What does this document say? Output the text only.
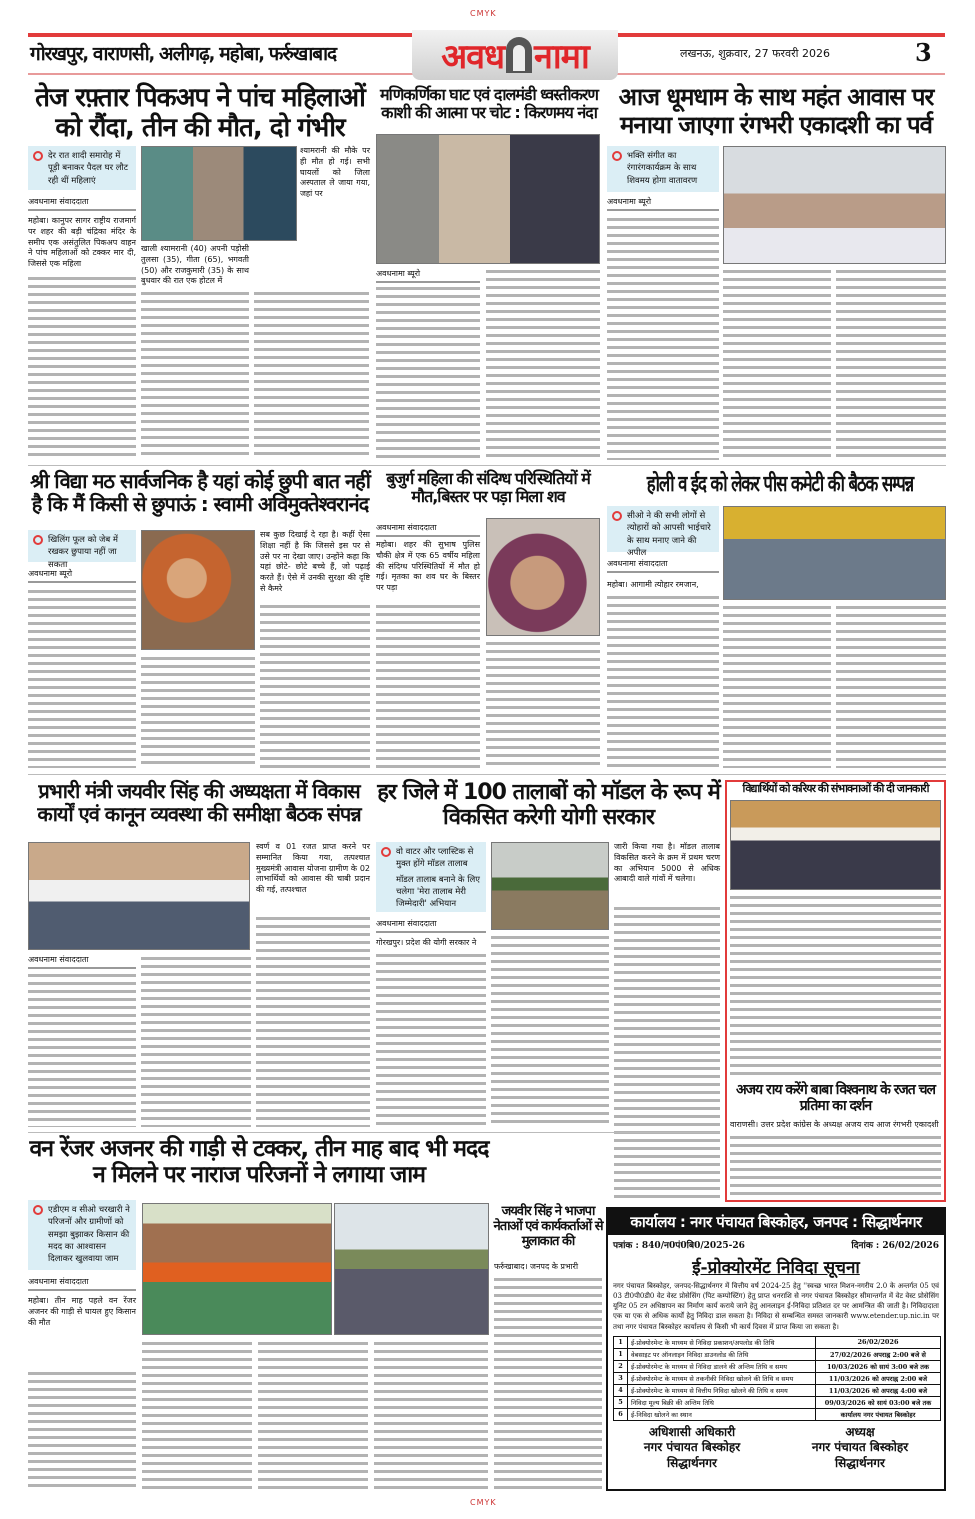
CMYK
CMYK
गोरखपुर, वाराणसी, अलीगढ़, महोबा, फर्रुखाबाद	अवध नामा	लखनऊ, शुक्रवार, 27 फरवरी 2026	3
तेज रफ़्तार पिकअप ने पांच महिलाओं को रौंदा, तीन की मौत, दो गंभीर

देर रात शादी समारोह में पूड़ी बनाकर पैदल घर लौट रही थीं महिलाएं

अवधनामा संवाददाता
महोबा। कानुपर सागर राष्ट्रीय राजमार्ग पर शहर की बड़ी चंद्रिका मंदिर के समीप एक असंतुलित पिकअप वाहन ने पांच महिलाओं को टक्कर मार दी, जिससे एक महिला
खाली श्यामरानी (40) अपनी पड़ोसी तुलसा (35), गीता (65), भगवती (50) और राजकुमारी (35) के साथ बुधवार की रात एक होटल में
श्यामरानी की मौके पर ही मौत हो गई। सभी घायलों को जिला अस्पताल ले जाया गया, जहां पर
मणिकर्णिका घाट एवं दालमंडी ध्वस्तीकरण काशी की आत्मा पर चोट : किरणमय नंदा
अवधनामा ब्यूरो
आज धूमधाम के साथ महंत आवास पर मनाया जाएगा रंगभरी एकादशी का पर्व

भक्ति संगीत का रंगारंगकार्यक्रम के साथ शिवमय होगा वातावरण

अवधनामा ब्यूरो
श्री विद्या मठ सार्वजनिक है यहां कोई छुपी बात नहीं है कि मैं किसी से छुपाऊं : स्वामी अविमुक्तेश्वरानंद

खिलिंग फूल को जेब में रखकर छुपाया नहीं जा सकता

अवधनामा ब्यूरो
सब कुछ दिखाई दे रहा है। कहीं ऐसा शिक्षा नहीं है कि जिससे इस पर से उसे पर ना देखा जाए। उन्होंने कहा कि यहां छोटे- छोटे बच्चे हैं, जो पढ़ाई करते हैं। ऐसे में उनकी सुरक्षा की दृष्टि से कैमरे
बुजुर्ग महिला की संदिग्ध परिस्थितियों में मौत,बिस्तर पर पड़ा मिला शव
अवधनामा संवाददाता
महोबा। शहर की सुभाष पुलिस चौकी क्षेत्र में एक 65 वर्षीय महिला की संदिग्ध परिस्थितियों में मौत हो गई। मृतका का शव घर के बिस्तर पर पड़ा
होली व ईद को लेकर पीस कमेटी की बैठक सम्पन्न

सीओ ने की सभी लोगों से त्योहारों को आपसी भाईचारे के साथ मनाए जाने की अपील

अवधनामा संवाददाता
महोबा। आगामी त्योहार रमजान,
प्रभारी मंत्री जयवीर सिंह की अध्यक्षता में विकास कार्यों एवं कानून व्यवस्था की समीक्षा बैठक संपन्न
अवधनामा संवाददाता
स्वर्ण व 01 रजत प्राप्त करने पर सम्मानित किया गया, तत्पश्चात मुख्यमंत्री आवास योजना ग्रामीण के 02 लाभार्थियों को आवास की चाबी प्रदान की गई, तत्पश्चात
हर जिले में 100 तालाबों को मॉडल के रूप में विकसित करेगी योगी सरकार

वो वाटर और प्लास्टिक से मुक्त होंगे मॉडल तालाब

मॉडल तालाब बनाने के लिए चलेगा 'मेरा तालाब मेरी जिम्मेदारी' अभियान

अवधनामा संवाददाता
गोरखपुर। प्रदेश की योगी सरकार ने
जारी किया गया है। मॉडल तालाब विकसित करने के क्रम में प्रथम चरण का अभियान 5000 से अधिक आबादी वाले गांवों में चलेगा।
विद्यार्थियों को करियर की संभावनाओं की दी जानकारी
अजय राय करेंगे बाबा विश्वनाथ के रजत चल प्रतिमा का दर्शन
वाराणसी। उत्तर प्रदेश कांग्रेस के अध्यक्ष अजय राय आज रंगभरी एकादशी
वन रेंजर अजनर की गाड़ी से टक्कर, तीन माह बाद भी मदद न मिलने पर नाराज परिजनों ने लगाया जाम

एडीएम व सीओ चरखारी ने परिजनों और ग्रामीणों को समझा बुझाकर किसान की मदद का आश्वासन दिलाकर खुलवाया जाम

अवधनामा संवाददाता
महोबा। तीन माह पहले वन रेंजर अजनर की गाड़ी से घायल हुए किसान की मौत
जयवीर सिंह ने भाजपा नेताओं एवं कार्यकर्ताओं से मुलाकात की
फर्रुखाबाद। जनपद के प्रभारी
कार्यालय : नगर पंचायत बिस्कोहर, जनपद : सिद्धार्थनगर
पत्रांक : 840/न0पं0बि0/2025-26	दिनांक : 26/02/2026
ई-प्रोक्योरमेंट निविदा सूचना
नगर पंचायत बिस्कोहर, जनपद-सिद्धार्थनगर में वित्तीय वर्ष 2024-25 हेतु ''स्वच्छ भारत मिशन-नगरीय 2.0 के अन्तर्गत 05 एवं 03 टी0पी0डी0 वेट वेस्ट प्रोसेसिंग (पिट कम्पोस्टिंग) हेतु प्राप्त धनराशि से नगर पंचायत बिस्कोहर सीमान्तर्गत में वेट वेस्ट प्रोसेसिंग यूनिट 05 टन अधिष्ठापन का निर्माण कार्य कराये जाने हेतु आनलाइन ई-निविदा प्रतिशत दर पर आमन्त्रित की जाती है। निविदादाता एक या एक से अधिक कार्यों हेतु निविदा डाल सकता है। निविदा से सम्बन्धित समस्त जानकारी www.etender.up.nic.in पर तथा नगर पंचायत बिस्कोहर कार्यालय से किसी भी कार्य दिवस में प्राप्त किया जा सकता है।
1	ई-प्रोक्योरमेन्ट के माध्यम से निविदा प्रकाशन/अपलोड की तिथि	26/02/2026
1	वेबसाइट पर ऑनलाइन निविदा डाउनलोड की तिथि	27/02/2026 अपराह्न 2:00 बजे से
2	ई-प्रोक्योरमेन्ट के माध्यम से निविदा डालने की अन्तिम तिथि व समय	10/03/2026 को सायं 3:00 बजे तक
3	ई-प्रोक्योरमेन्ट के माध्यम से तकनीकी निविदा खोलने की तिथि व समय	11/03/2026 को अपराह्न 2:00 बजे
4	ई-प्रोक्योरमेन्ट के माध्यम से वित्तीय निविदा खोलने की तिथि व समय	11/03/2026 को अपराह्न 4:00 बजे
5	निविदा मूल्य बिक्री की अन्तिम तिथि	09/03/2026 को सायं 03:00 बजे तक
6	ई-निविदा खोलने का स्थान	कार्यालय नगर पंचायत बिस्कोहर
अधिशासी अधिकारी
नगर पंचायत बिस्कोहर
सिद्धार्थनगर
अध्यक्ष
नगर पंचायत बिस्कोहर
सिद्धार्थनगर
